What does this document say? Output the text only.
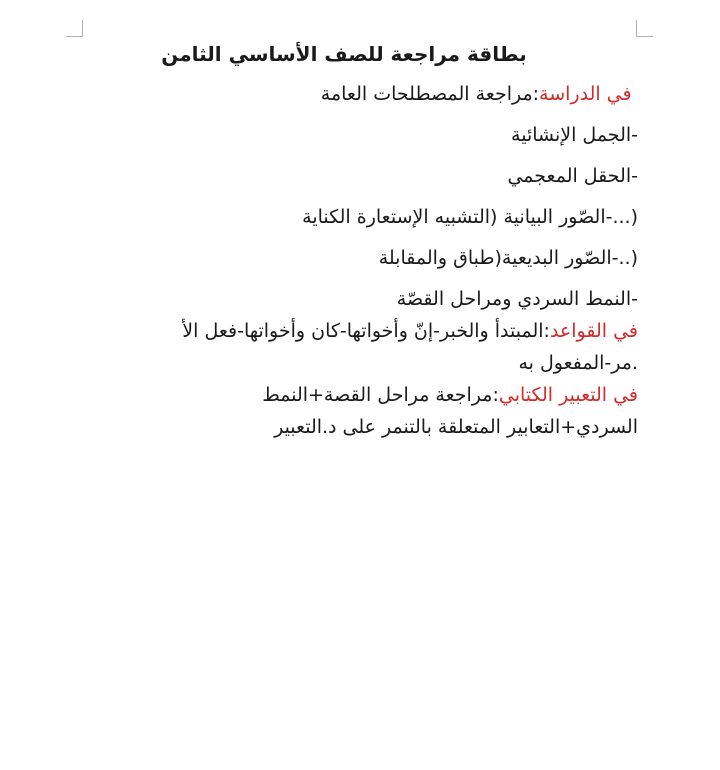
بطاقة مراجعة للصف الأساسي الثامن

في الدراسة:مراجعة المصطلحات العامة

-الجمل الإنشائية

-الحقل المعجمي

(...-الصّور البيانية (التشبيه الإستعارة الكناية

(..-الصّور البديعية(طباق والمقابلة

-النمط السردي ومراحل القصّة

في القواعد:المبتدأ والخبر-إنّ وأخواتها-كان وأخواتها-فعل الأ
.مر-المفعول به

في التعبير الكتابي:مراجعة مراحل القصة+النمط
السردي+التعابير المتعلقة بالتنمر على د.التعبير
